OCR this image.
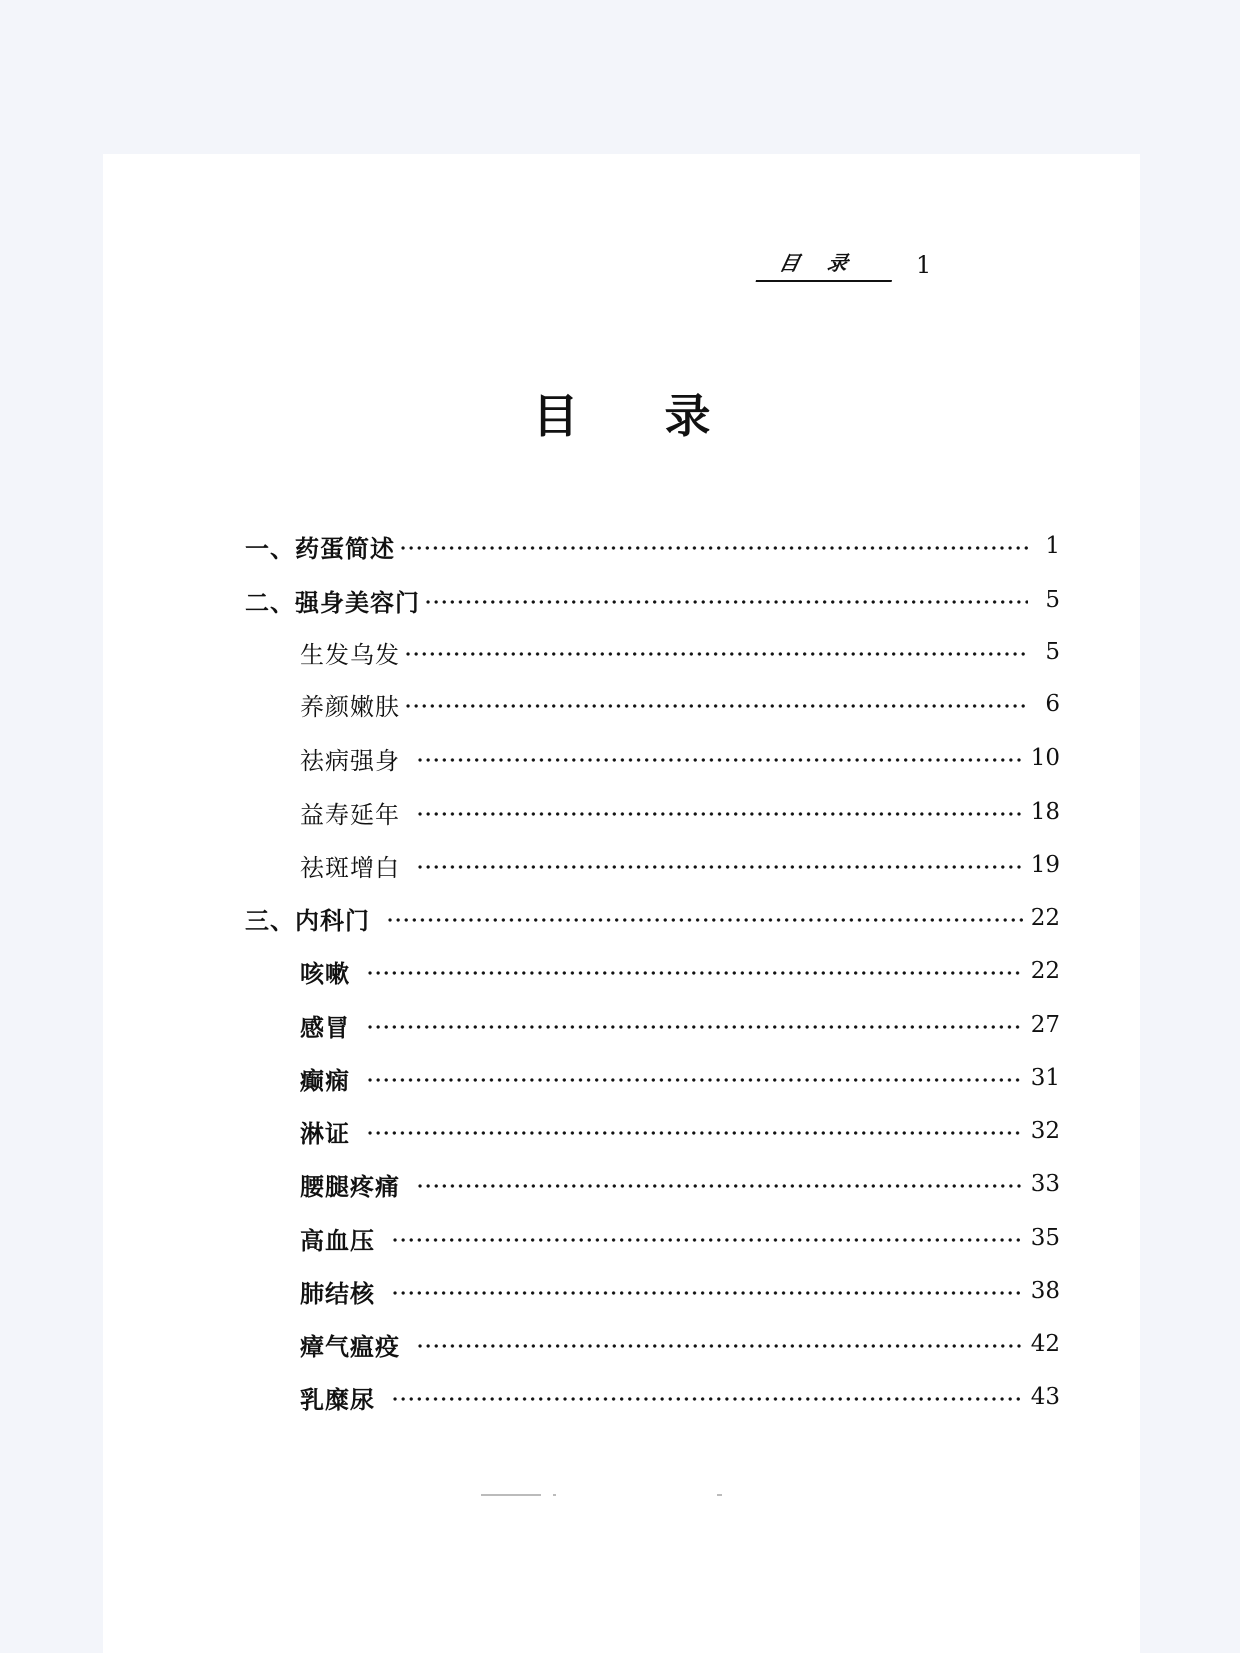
目录	1
目录
一、药蛋简述	1
二、强身美容门	5
生发乌发	5
养颜嫩肤	6
祛病强身	10
益寿延年	18
祛斑增白	19
三、内科门	22
咳嗽	22
感冒	27
癫痫	31
淋证	32
腰腿疼痛	33
高血压	35
肺结核	38
瘴气瘟疫	42
乳糜尿	43
